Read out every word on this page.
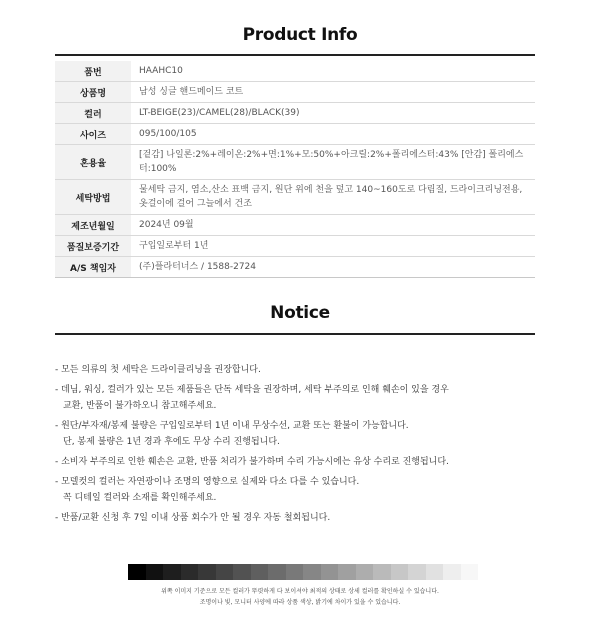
Product Info
품번	HAAHC10
상품명	남성 싱글 핸드메이드 코트
컬러	LT-BEIGE(23)/CAMEL(28)/BLACK(39)
사이즈	095/100/105
혼용율	[겉감] 나일론:2%+레이온:2%+면:1%+모:50%+아크릴:2%+폴리에스터:43% [안감] 폴리에스터:100%
세탁방법	물세탁 금지, 염소,산소 표백 금지, 원단 위에 천을 덮고 140~160도로 다림질, 드라이크리닝전용, 옷걸이에 걸어 그늘에서 건조
제조년월일	2024년 09월
품질보증기간	구입일로부터 1년
A/S 책임자	(주)플라터너스 / 1588-2724
Notice
- 모든 의류의 첫 세탁은 드라이클리닝을 권장합니다.
- 데님, 워싱, 컬러가 있는 모든 제품들은 단독 세탁을 권장하며, 세탁 부주의로 인해 훼손이 있을 경우
교환, 반품이 불가하오니 참고해주세요.
- 원단/부자재/봉제 불량은 구입일로부터 1년 이내 무상수선, 교환 또는 환불이 가능합니다.
단, 봉제 불량은 1년 경과 후에도 무상 수리 진행됩니다.
- 소비자 부주의로 인한 훼손은 교환, 반품 처리가 불가하며 수리 가능시에는 유상 수리로 진행됩니다.
- 모델컷의 컬러는 자연광이나 조명의 영향으로 실제와 다소 다를 수 있습니다.
꼭 디테일 컬러와 소재를 확인해주세요.
- 반품/교환 신청 후 7일 이내 상품 회수가 안 될 경우 자동 철회됩니다.
위쪽 이미지 기준으로 모든 컬러가 뚜렷하게 다 보이셔야 최적의 상태로 상세 컬러를 확인하실 수 있습니다.
조명이나 빛, 모니터 사양에 따라 상품 색상, 밝기에 차이가 있을 수 있습니다.
